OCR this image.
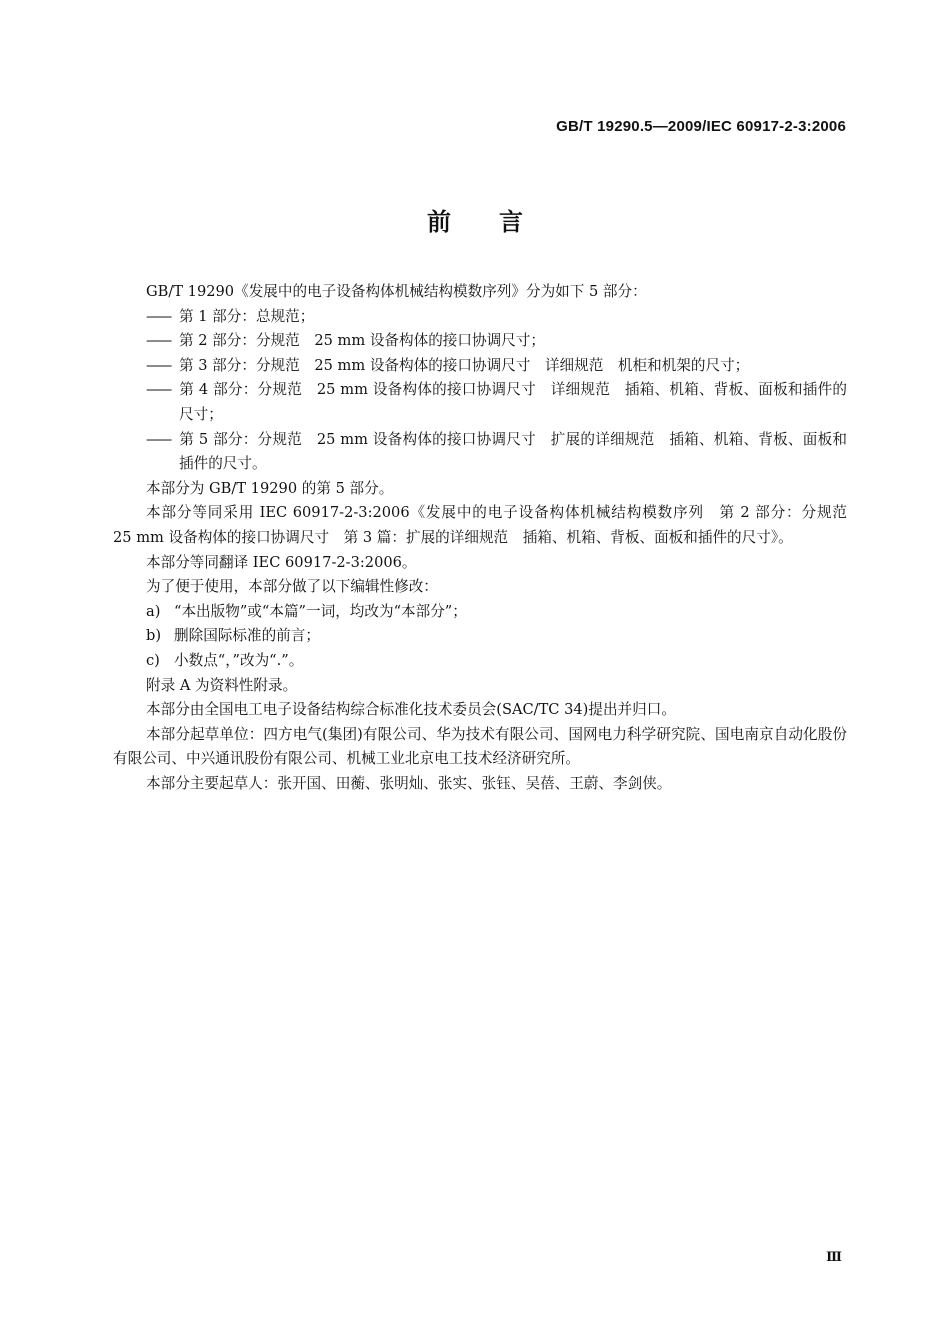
GB/T 19290.5—2009/IEC 60917-2-3:2006
前言

GB/T 19290《发展中的电子设备构体机械结构模数序列》分为如下 5 部分：

—— 第 1 部分：总规范；

—— 第 2 部分：分规范　25 mm 设备构体的接口协调尺寸；

—— 第 3 部分：分规范　25 mm 设备构体的接口协调尺寸　详细规范　机柜和机架的尺寸；

—— 第 4 部分：分规范　25 mm 设备构体的接口协调尺寸　详细规范　插箱、机箱、背板、面板和插件的尺寸；

—— 第 5 部分：分规范　25 mm 设备构体的接口协调尺寸　扩展的详细规范　插箱、机箱、背板、面板和插件的尺寸。

本部分为 GB/T 19290 的第 5 部分。

本部分等同采用 IEC 60917-2-3:2006《发展中的电子设备构体机械结构模数序列　第 2 部分：分规范　25 mm 设备构体的接口协调尺寸　第 3 篇：扩展的详细规范　插箱、机箱、背板、面板和插件的尺寸》。

本部分等同翻译 IEC 60917-2-3:2006。

为了便于使用，本部分做了以下编辑性修改：

a) “本出版物”或“本篇”一词，均改为“本部分”；

b) 删除国际标准的前言；

c) 小数点“，”改为“.”。

附录 A 为资料性附录。

本部分由全国电工电子设备结构综合标准化技术委员会(SAC/TC 34)提出并归口。

本部分起草单位：四方电气(集团)有限公司、华为技术有限公司、国网电力科学研究院、国电南京自动化股份有限公司、中兴通讯股份有限公司、机械工业北京电工技术经济研究所。

本部分主要起草人：张开国、田蘅、张明灿、张实、张钰、吴蓓、王蔚、李剑侠。

Ⅲ
